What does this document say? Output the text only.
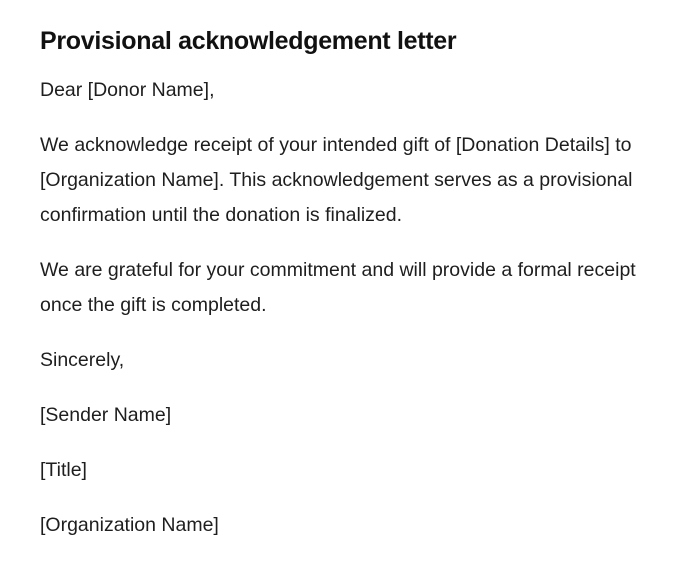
Provisional acknowledgement letter

Dear [Donor Name],

We acknowledge receipt of your intended gift of [Donation Details] to [Organization Name]. This acknowledgement serves as a provisional confirmation until the donation is finalized.

We are grateful for your commitment and will provide a formal receipt once the gift is completed.

Sincerely,

[Sender Name]

[Title]

[Organization Name]
